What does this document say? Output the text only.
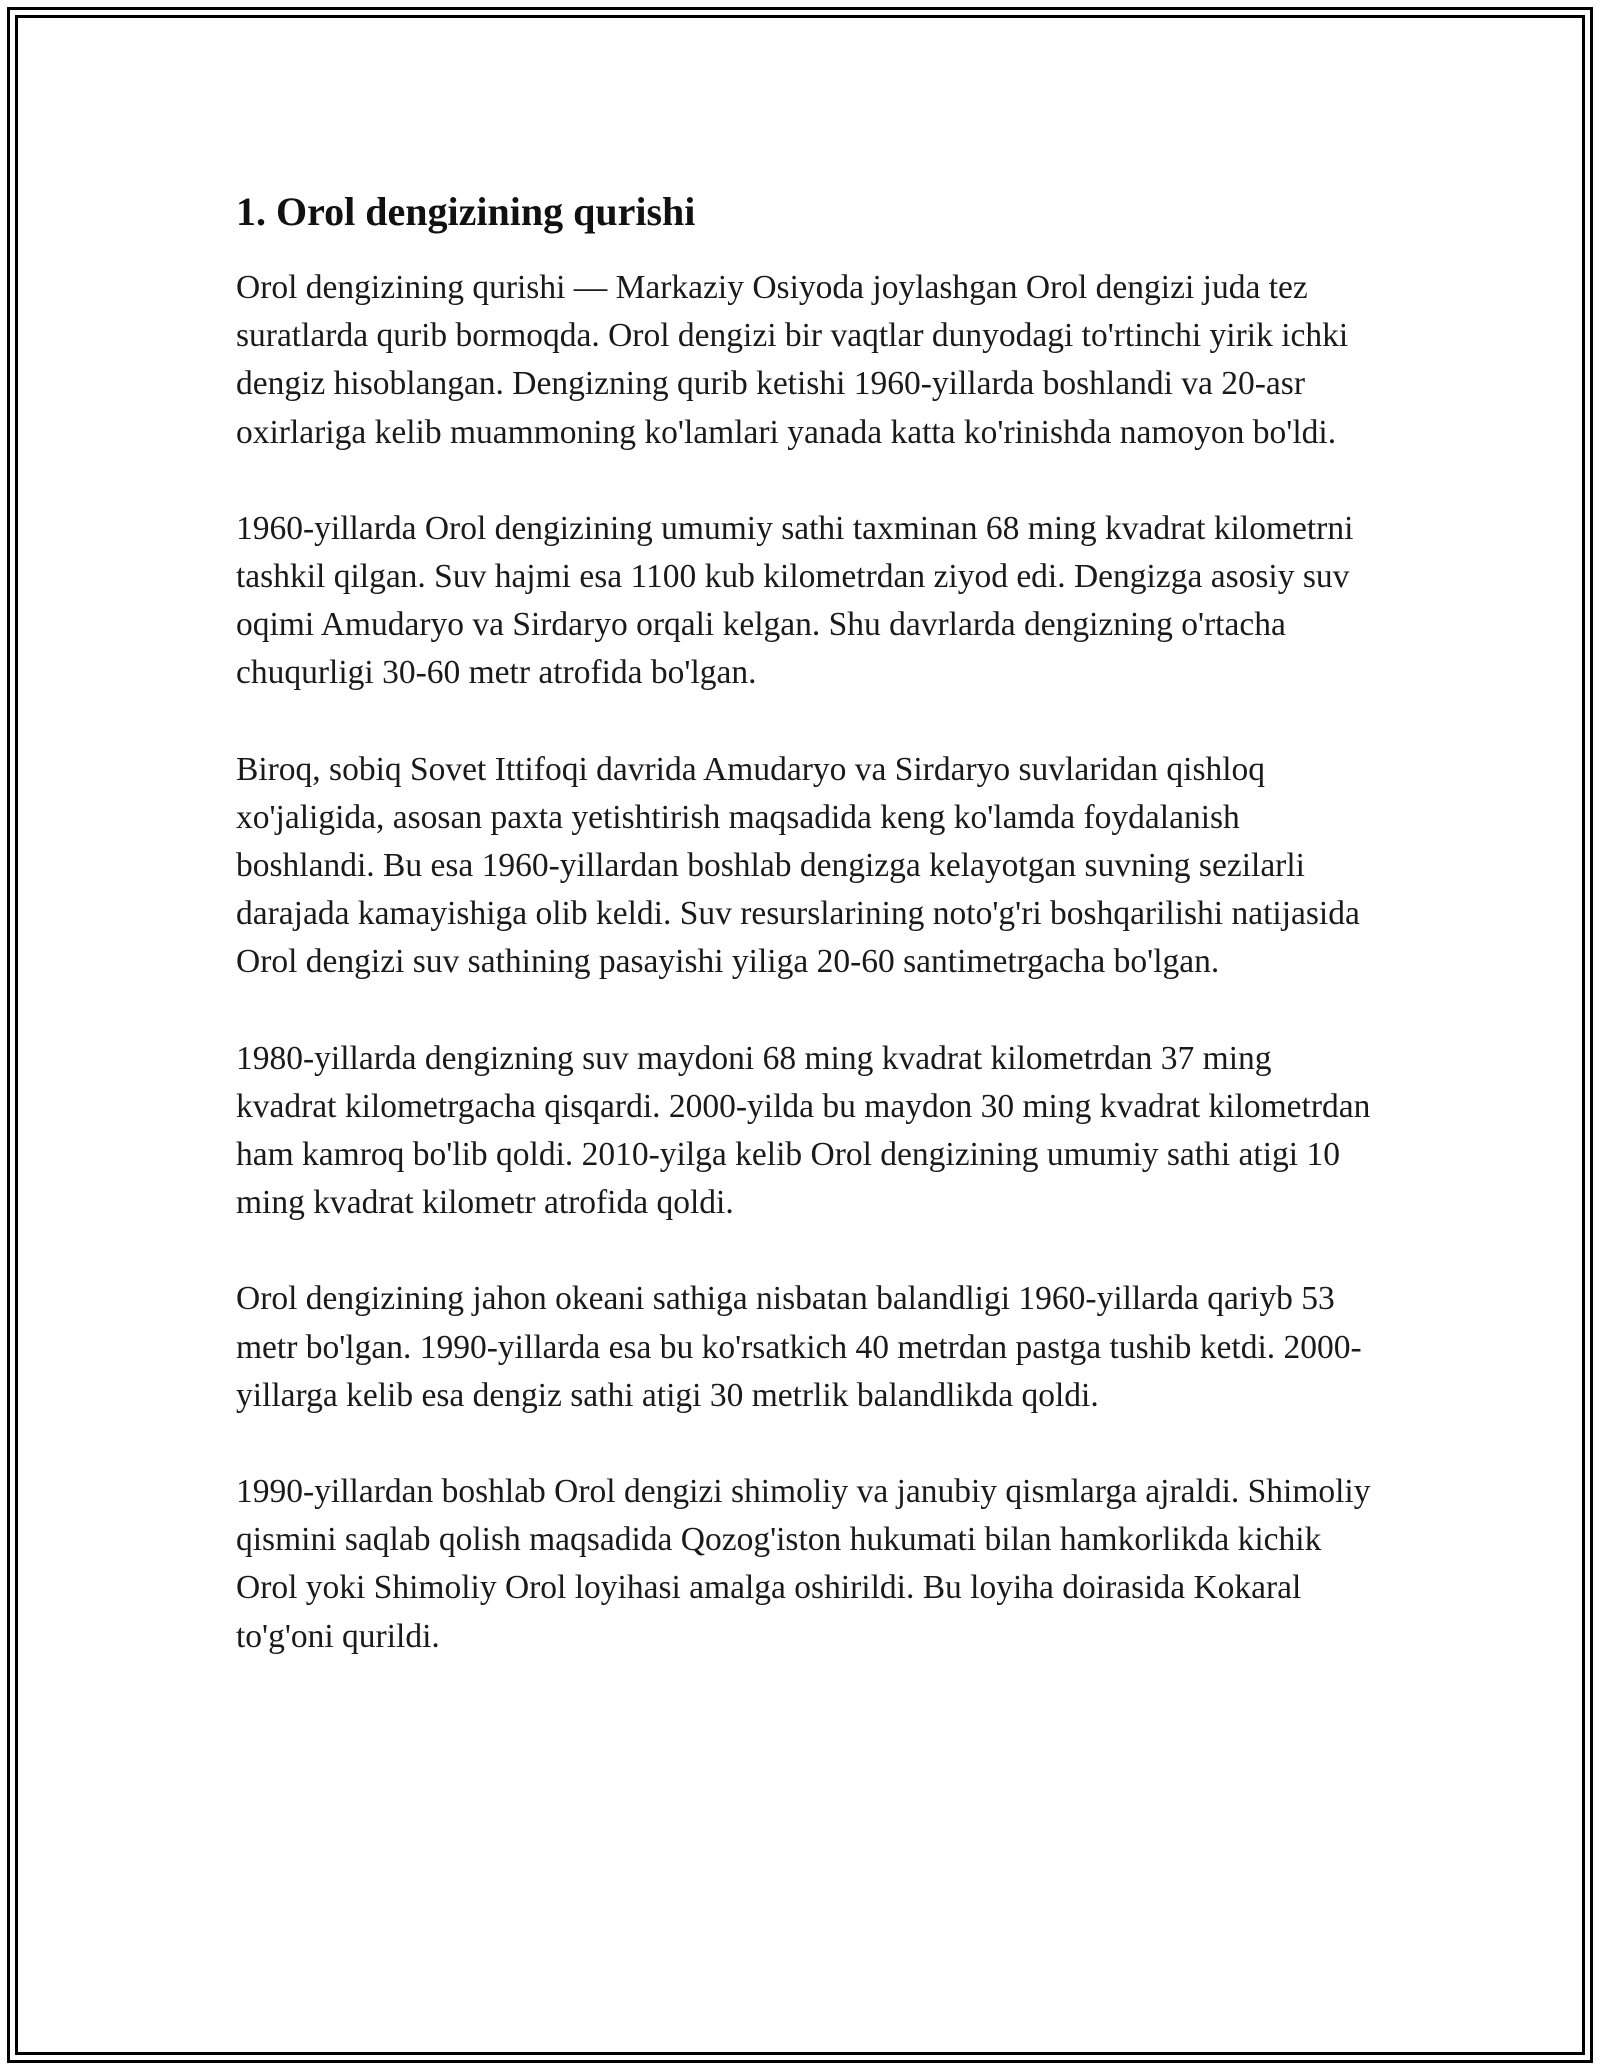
1. Orol dengizining qurishi

Orol dengizining qurishi — Markaziy Osiyoda joylashgan Orol dengizi juda tez suratlarda qurib bormoqda. Orol dengizi bir vaqtlar dunyodagi to'rtinchi yirik ichki dengiz hisoblangan. Dengizning qurib ketishi 1960-yillarda boshlandi va 20-asr oxirlariga kelib muammoning ko'lamlari yanada katta ko'rinishda namoyon bo'ldi.

1960-yillarda Orol dengizining umumiy sathi taxminan 68 ming kvadrat kilometrni tashkil qilgan. Suv hajmi esa 1100 kub kilometrdan ziyod edi. Dengizga asosiy suv oqimi Amudaryo va Sirdaryo orqali kelgan. Shu davrlarda dengizning o'rtacha chuqurligi 30-60 metr atrofida bo'lgan.

Biroq, sobiq Sovet Ittifoqi davrida Amudaryo va Sirdaryo suvlaridan qishloq xo'jaligida, asosan paxta yetishtirish maqsadida keng ko'lamda foydalanish boshlandi. Bu esa 1960-yillardan boshlab dengizga kelayotgan suvning sezilarli darajada kamayishiga olib keldi. Suv resurslarining noto'g'ri boshqarilishi natijasida Orol dengizi suv sathining pasayishi yiliga 20-60 santimetrgacha bo'lgan.

1980-yillarda dengizning suv maydoni 68 ming kvadrat kilometrdan 37 ming kvadrat kilometrgacha qisqardi. 2000-yilda bu maydon 30 ming kvadrat kilometrdan ham kamroq bo'lib qoldi. 2010-yilga kelib Orol dengizining umumiy sathi atigi 10 ming kvadrat kilometr atrofida qoldi.

Orol dengizining jahon okeani sathiga nisbatan balandligi 1960-yillarda qariyb 53 metr bo'lgan. 1990-yillarda esa bu ko'rsatkich 40 metrdan pastga tushib ketdi. 2000-yillarga kelib esa dengiz sathi atigi 30 metrlik balandlikda qoldi.

1990-yillardan boshlab Orol dengizi shimoliy va janubiy qismlarga ajraldi. Shimoliy qismini saqlab qolish maqsadida Qozog'iston hukumati bilan hamkorlikda kichik Orol yoki Shimoliy Orol loyihasi amalga oshirildi. Bu loyiha doirasida Kokaral to'g'oni qurildi.
